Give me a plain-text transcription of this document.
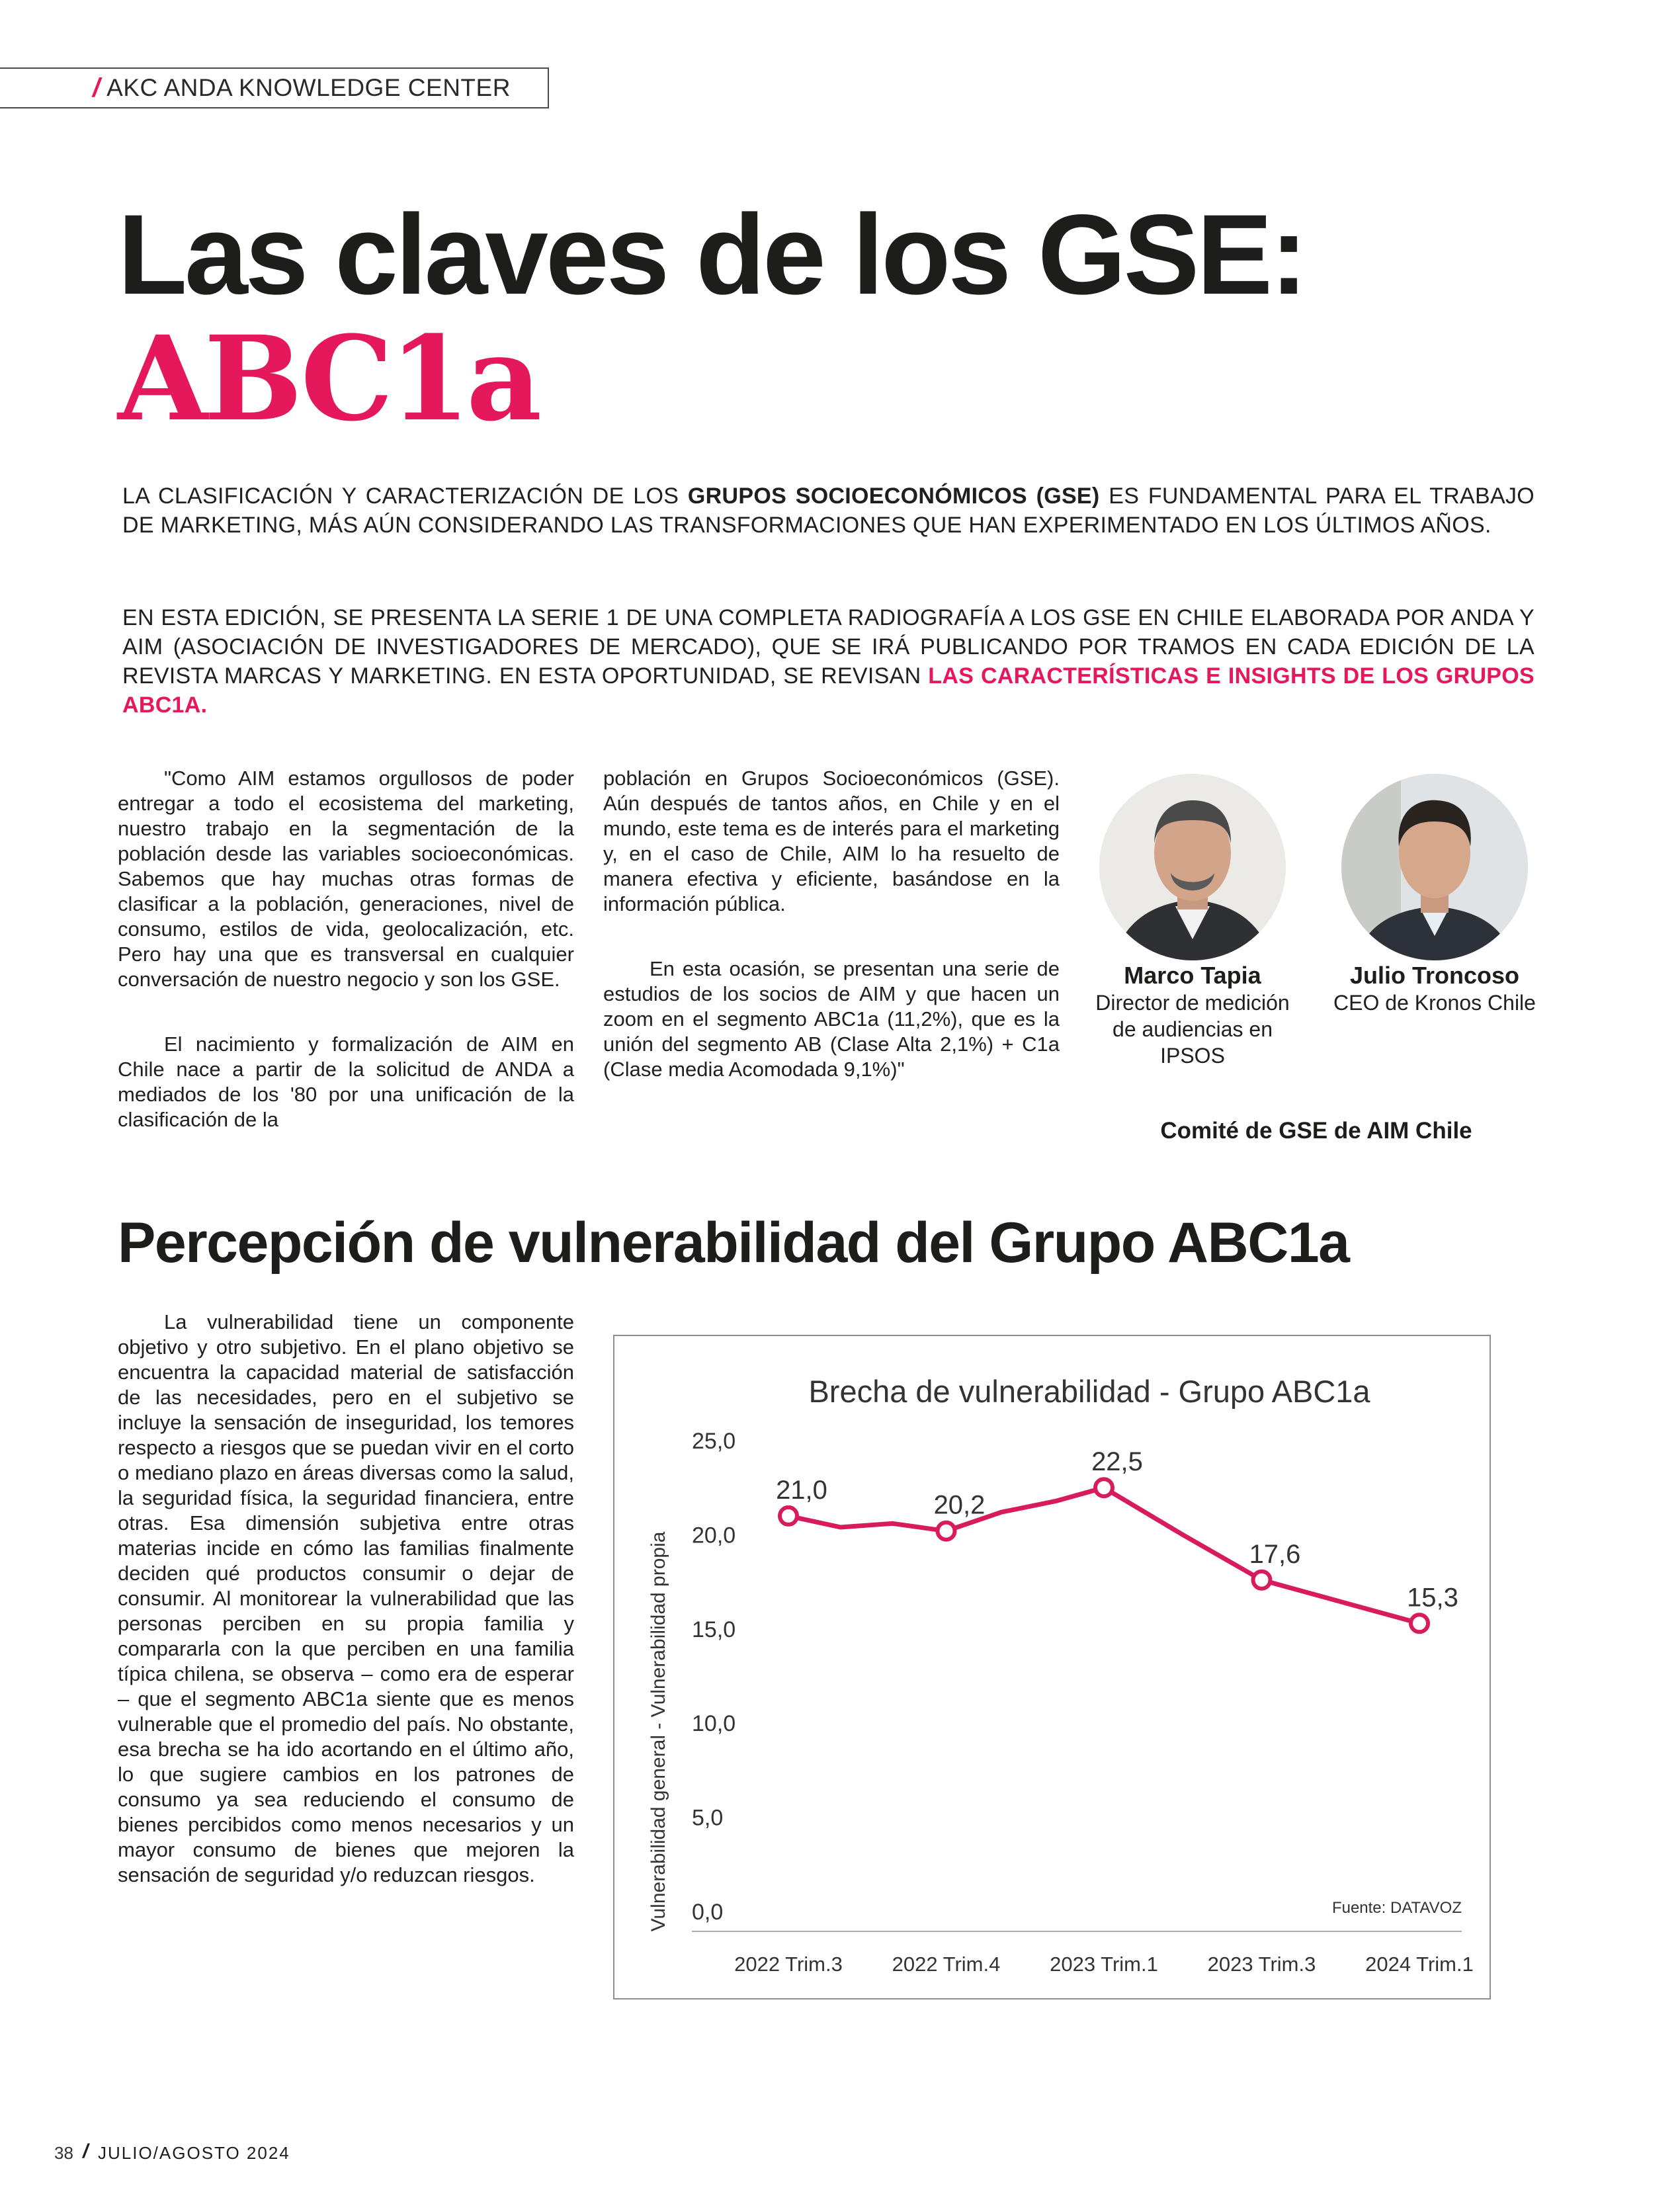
/ AKC ANDA KNOWLEDGE CENTER
Las claves de los GSE:
ABC1a
LA CLASIFICACIÓN Y CARACTERIZACIÓN DE LOS GRUPOS SOCIOECONÓMICOS (GSE) ES FUNDAMENTAL PARA EL TRABAJO DE MARKETING, MÁS AÚN CONSIDERANDO LAS TRANSFORMACIONES QUE HAN EXPERIMENTADO EN LOS ÚLTIMOS AÑOS.
EN ESTA EDICIÓN, SE PRESENTA LA SERIE 1 DE UNA COMPLETA RADIOGRAFÍA A LOS GSE EN CHILE ELABORADA POR ANDA Y AIM (ASOCIACIÓN DE INVESTIGADORES DE MERCADO), QUE SE IRÁ PUBLICANDO POR TRAMOS EN CADA EDICIÓN DE LA REVISTA MARCAS Y MARKETING. EN ESTA OPORTUNIDAD, SE REVISAN LAS CARACTERÍSTICAS E INSIGHTS DE LOS GRUPOS ABC1A.

"Como AIM estamos orgullosos de poder entregar a todo el ecosistema del marketing, nuestro trabajo en la segmentación de la población desde las variables socioeconómicas. Sabemos que hay muchas otras formas de clasificar a la población, generaciones, nivel de consumo, estilos de vida, geolocalización, etc. Pero hay una que es transversal en cualquier conversación de nuestro negocio y son los GSE.

El nacimiento y formalización de AIM en Chile nace a partir de la solicitud de ANDA a mediados de los '80 por una unificación de la clasificación de la

población en Grupos Socioeconómicos (GSE). Aún después de tantos años, en Chile y en el mundo, este tema es de interés para el marketing y, en el caso de Chile, AIM lo ha resuelto de manera efectiva y eficiente, basándose en la información pública.

En esta ocasión, se presentan una serie de estudios de los socios de AIM y que hacen un zoom en el segmento ABC1a (11,2%), que es la unión del segmento AB (Clase Alta 2,1%) + C1a (Clase media Acomodada 9,1%)"

Marco Tapia
Director de medición de audiencias en IPSOS
Julio Troncoso
CEO de Kronos Chile
Comité de GSE de AIM Chile
Percepción de vulnerabilidad del Grupo ABC1a

La vulnerabilidad tiene un componente objetivo y otro subjetivo. En el plano objetivo se encuentra la capacidad material de satisfacción de las necesidades, pero en el subjetivo se incluye la sensación de inseguridad, los temores respecto a riesgos que se puedan vivir en el corto o mediano plazo en áreas diversas como la salud, la seguridad física, la seguridad financiera, entre otras. Esa dimensión subjetiva entre otras materias incide en cómo las familias finalmente deciden qué productos consumir o dejar de consumir. Al monitorear la vulnerabilidad que las personas perciben en su propia familia y compararla con la que perciben en una familia típica chilena, se observa – como era de esperar – que el segmento ABC1a siente que es menos vulnerable que el promedio del país. No obstante, esa brecha se ha ido acortando en el último año, lo que sugiere cambios en los patrones de consumo ya sea reduciendo el consumo de bienes percibidos como menos necesarios y un mayor consumo de bienes que mejoren la sensación de seguridad y/o reduzcan riesgos.

Brecha de vulnerabilidad - Grupo ABC1a
Vulnerabilidad general - Vulnerabilidad propia	Fuente: DATAVOZ
25,0
20,0
15,0
10,0
5,0
0,0
2022 Trim.3 2022 Trim.4 2023 Trim.1 2023 Trim.3 2024 Trim.1
21,0
20,2
22,5
17,6
15,3
38 / JULIO/AGOSTO 2024
